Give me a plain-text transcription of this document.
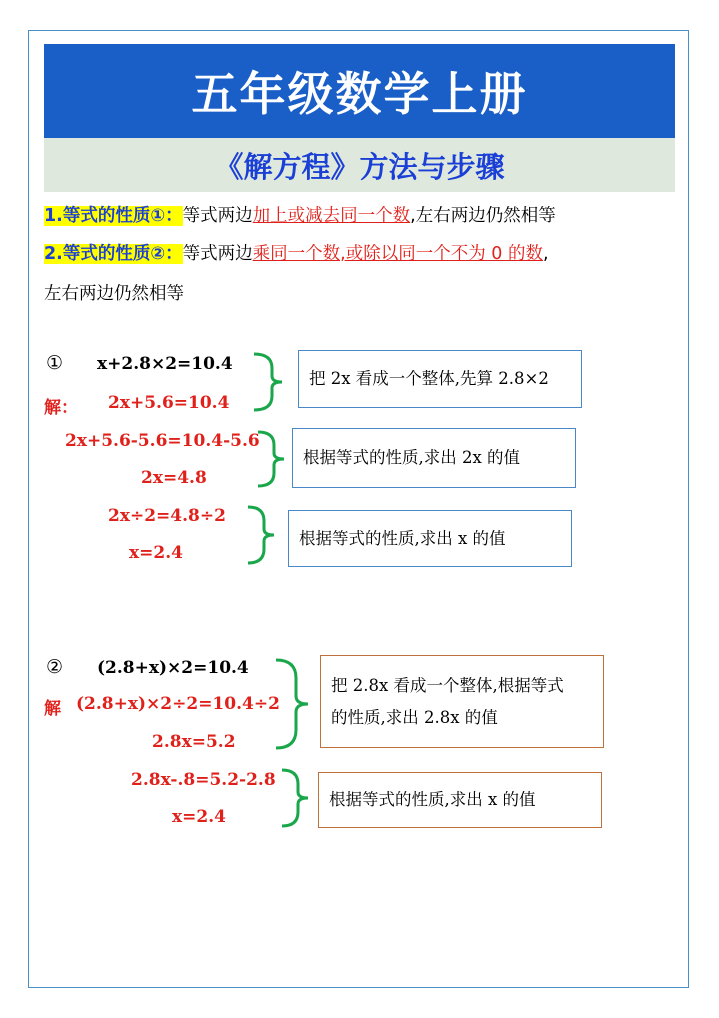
五年级数学上册
《解方程》方法与步骤
1.等式的性质①：等式两边加上或减去同一个数,左右两边仍然相等
2.等式的性质②：等式两边乘同一个数,或除以同一个不为 0 的数,
左右两边仍然相等
① x+2.8×2=10.4
解： 2x+5.6=10.4
2x+5.6-5.6=10.4-5.6
2x=4.8
2x÷2=4.8÷2
x=2.4
把 2x 看成一个整体,先算 2.8×2
根据等式的性质,求出 2x 的值
根据等式的性质,求出 x 的值
② (2.8+x)×2=10.4
解 (2.8+x)×2÷2=10.4÷2
2.8x=5.2
2.8x-.8=5.2-2.8
x=2.4
把 2.8x 看成一个整体,根据等式
的性质,求出 2.8x 的值
根据等式的性质,求出 x 的值
